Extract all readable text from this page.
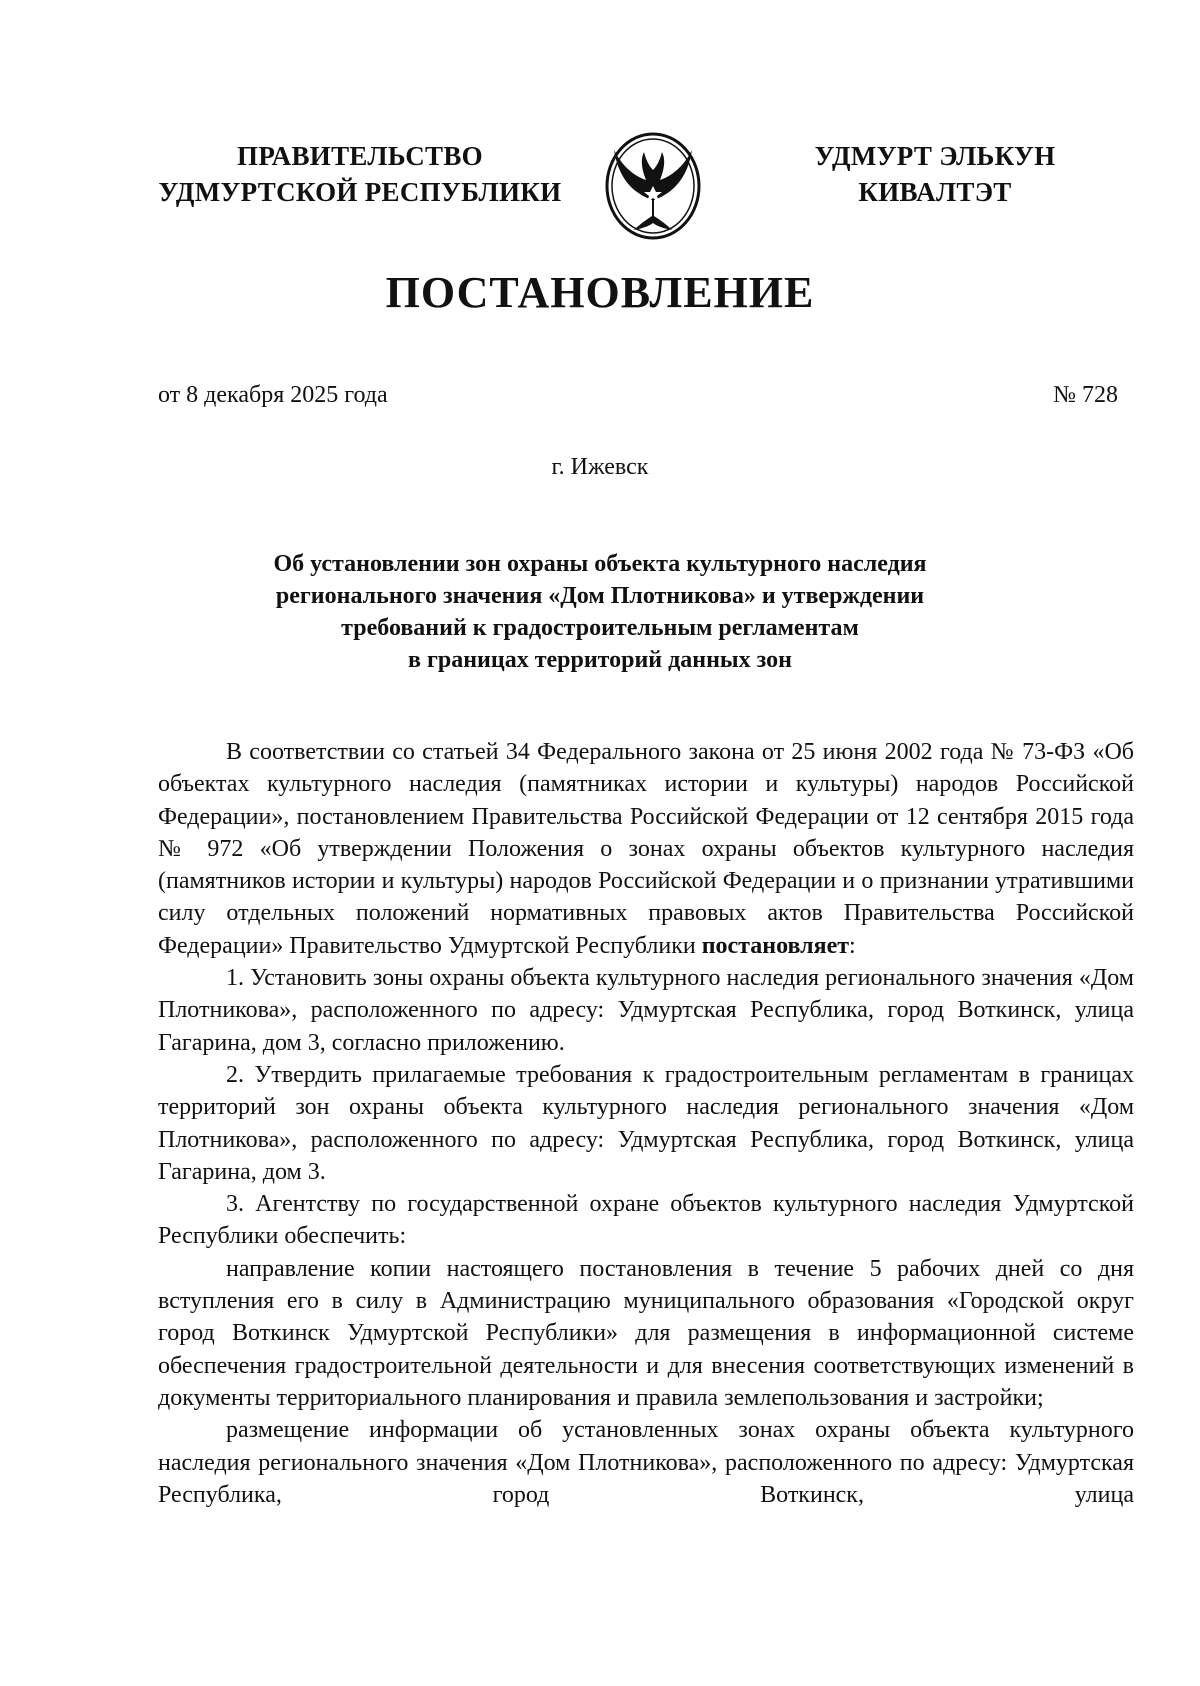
ПРАВИТЕЛЬСТВО
УДМУРТСКОЙ РЕСПУБЛИКИ
УДМУРТ ЭЛЬКУН
КИВАЛТЭТ
ПОСТАНОВЛЕНИЕ
от 8 декабря 2025 года	№ 728
г. Ижевск
Об установлении зон охраны объекта культурного наследия
регионального значения «Дом Плотникова» и утверждении
требований к градостроительным регламентам
в границах территорий данных зон

В соответствии со статьей 34 Федерального закона от 25 июня 2002 года № 73-ФЗ «Об объектах культурного наследия (памятниках истории и культуры) народов Российской Федерации», постановлением Правительства Российской Федерации от 12 сентября 2015 года № 972 «Об утверждении Положения о зонах охраны объектов культурного наследия (памятников истории и культуры) народов Российской Федерации и о признании утратившими силу отдельных положений нормативных правовых актов Правительства Российской Федерации» Правительство Удмуртской Республики постановляет:

1. Установить зоны охраны объекта культурного наследия регионального значения «Дом Плотникова», расположенного по адресу: Удмуртская Республика, город Воткинск, улица Гагарина, дом 3, согласно приложению.

2. Утвердить прилагаемые требования к градостроительным регламентам в границах территорий зон охраны объекта культурного наследия регионального значения «Дом Плотникова», расположенного по адресу: Удмуртская Республика, город Воткинск, улица Гагарина, дом 3.

3. Агентству по государственной охране объектов культурного наследия Удмуртской Республики обеспечить:

направление копии настоящего постановления в течение 5 рабочих дней со дня вступления его в силу в Администрацию муниципального образования «Городской округ город Воткинск Удмуртской Республики» для размещения в информационной системе обеспечения градостроительной деятельности и для внесения соответствующих изменений в документы территориального планирования и правила землепользования и застройки;

размещение информации об установленных зонах охраны объекта культурного наследия регионального значения «Дом Плотникова», расположенного по адресу: Удмуртская Республика, город Воткинск, улица
